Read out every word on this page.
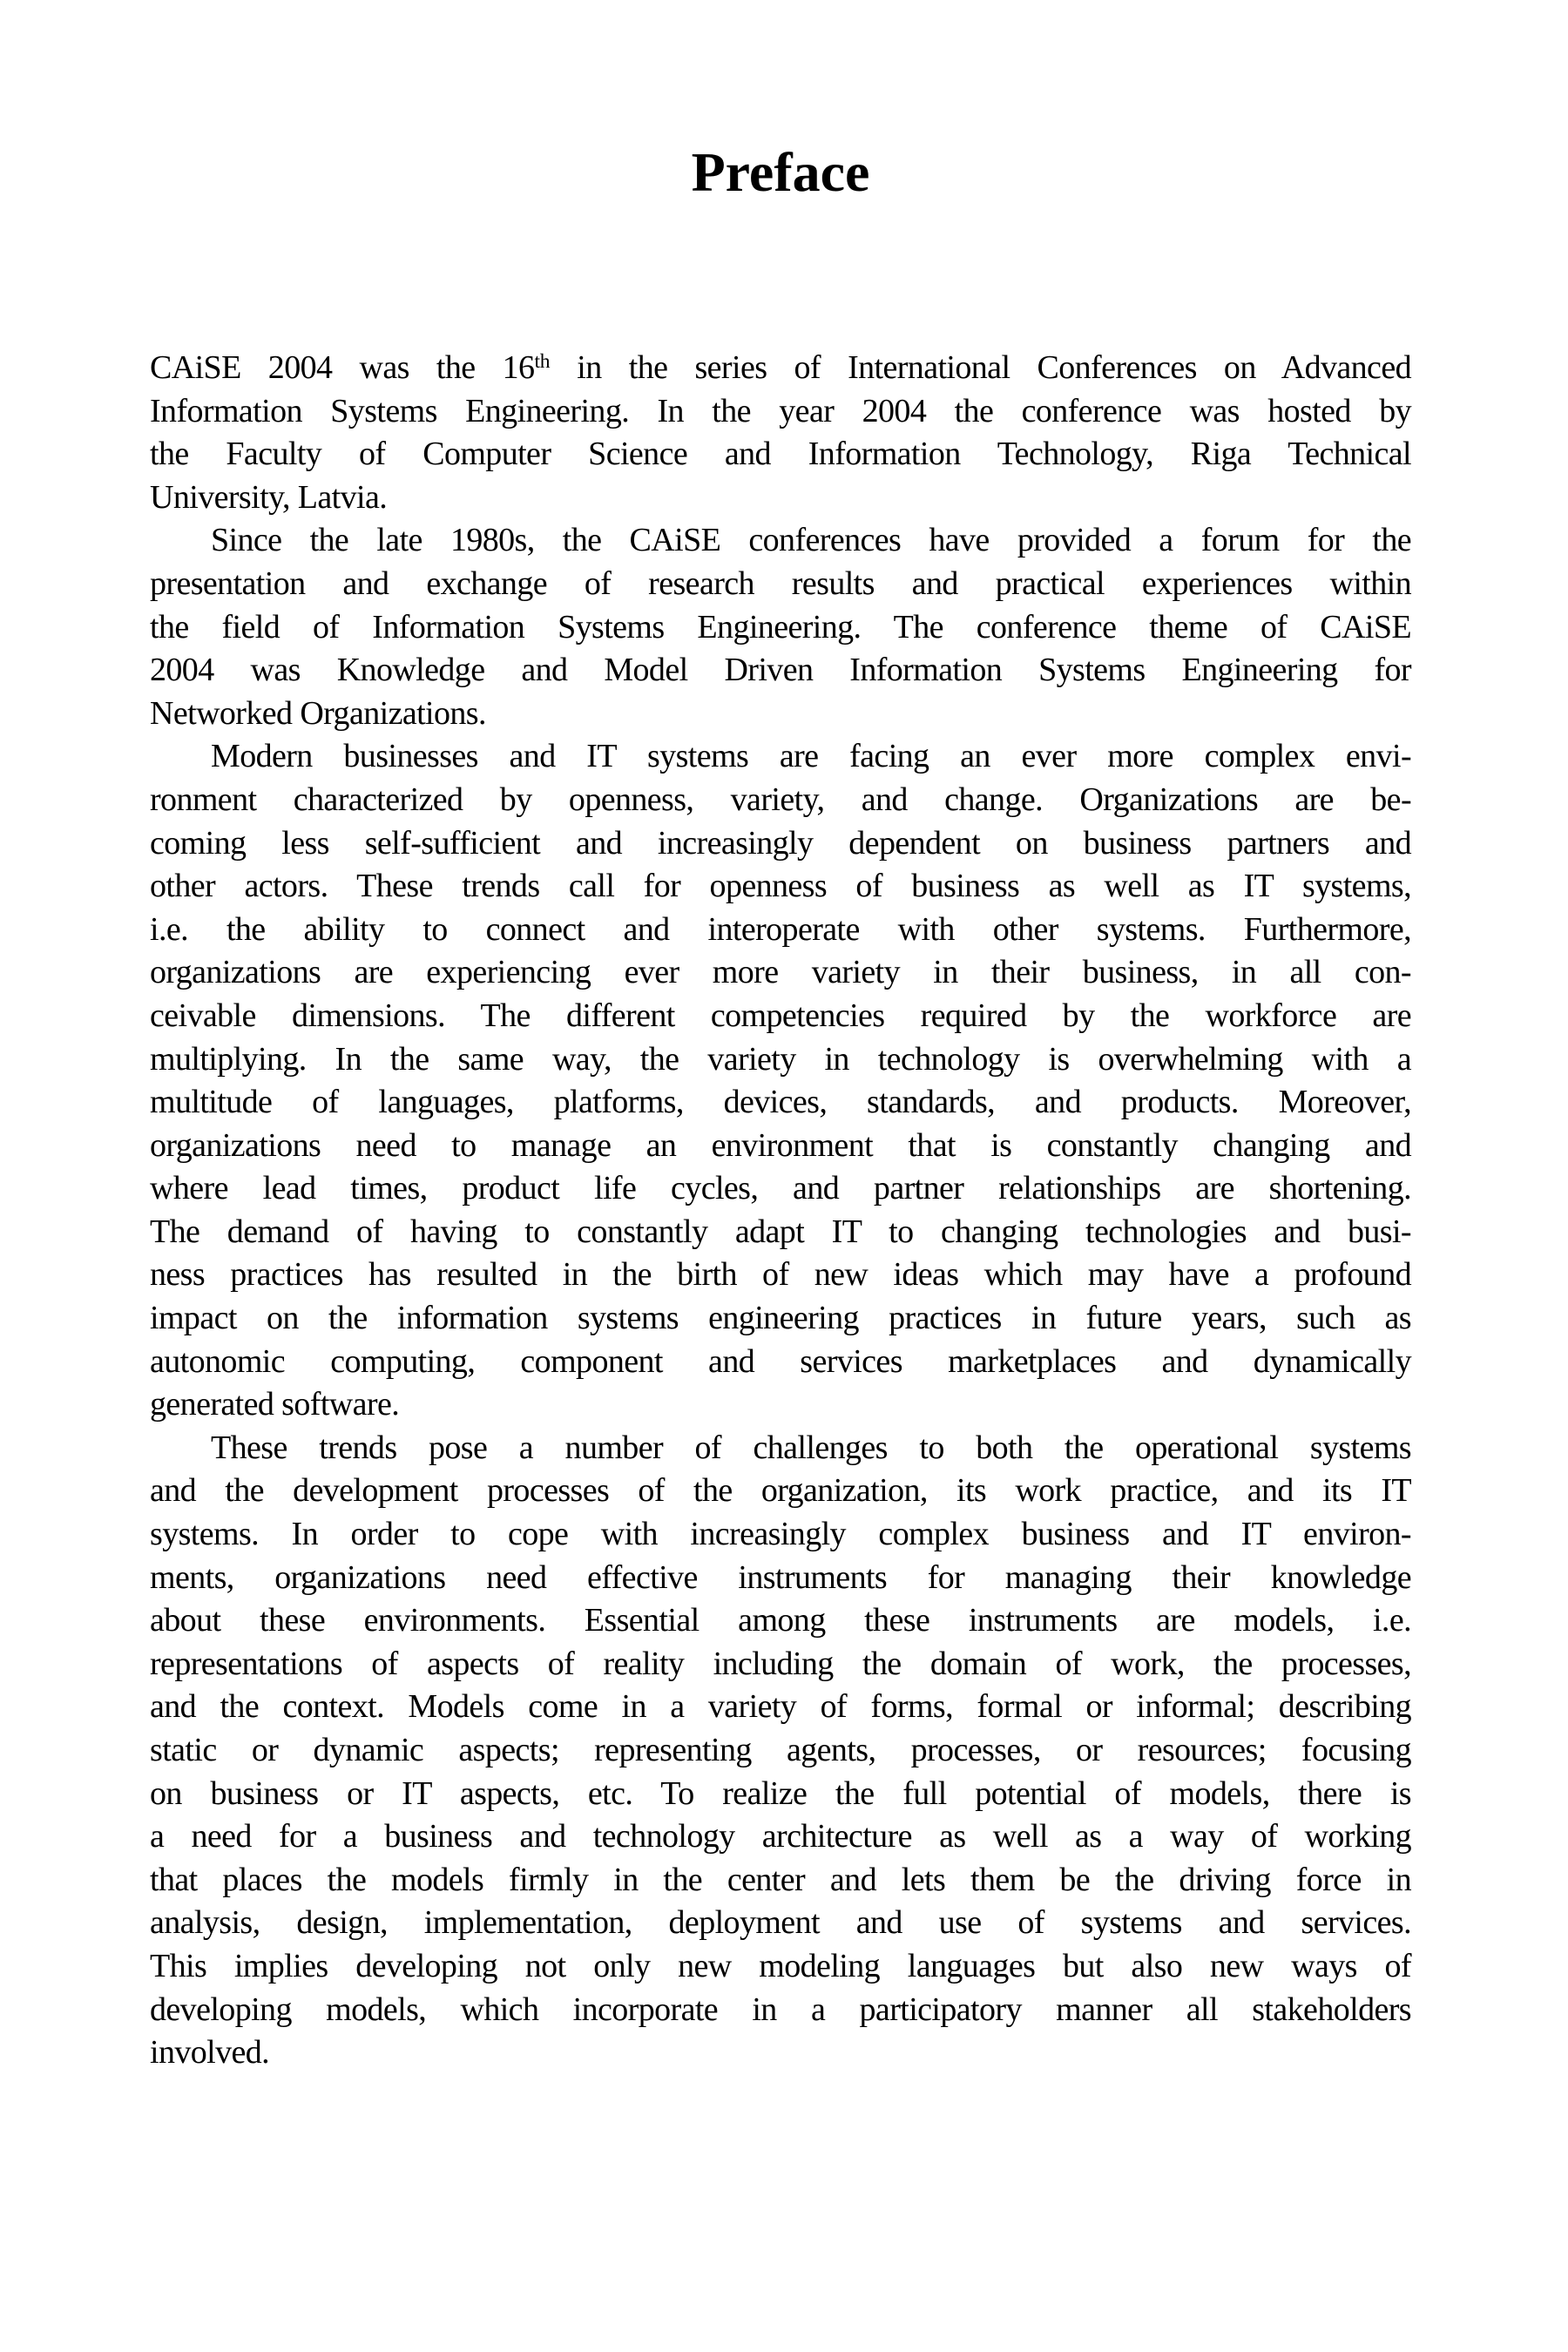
Preface
CAiSE 2004 was the 16th in the series of International Conferences on Advanced
Information Systems Engineering. In the year 2004 the conference was hosted by
the Faculty of Computer Science and Information Technology, Riga Technical
University, Latvia.
Since the late 1980s, the CAiSE conferences have provided a forum for the
presentation and exchange of research results and practical experiences within
the field of Information Systems Engineering. The conference theme of CAiSE
2004 was Knowledge and Model Driven Information Systems Engineering for
Networked Organizations.
Modern businesses and IT systems are facing an ever more complex envi-
ronment characterized by openness, variety, and change. Organizations are be-
coming less self-sufficient and increasingly dependent on business partners and
other actors. These trends call for openness of business as well as IT systems,
i.e. the ability to connect and interoperate with other systems. Furthermore,
organizations are experiencing ever more variety in their business, in all con-
ceivable dimensions. The different competencies required by the workforce are
multiplying. In the same way, the variety in technology is overwhelming with a
multitude of languages, platforms, devices, standards, and products. Moreover,
organizations need to manage an environment that is constantly changing and
where lead times, product life cycles, and partner relationships are shortening.
The demand of having to constantly adapt IT to changing technologies and busi-
ness practices has resulted in the birth of new ideas which may have a profound
impact on the information systems engineering practices in future years, such as
autonomic computing, component and services marketplaces and dynamically
generated software.
These trends pose a number of challenges to both the operational systems
and the development processes of the organization, its work practice, and its IT
systems. In order to cope with increasingly complex business and IT environ-
ments, organizations need effective instruments for managing their knowledge
about these environments. Essential among these instruments are models, i.e.
representations of aspects of reality including the domain of work, the processes,
and the context. Models come in a variety of forms, formal or informal; describing
static or dynamic aspects; representing agents, processes, or resources; focusing
on business or IT aspects, etc. To realize the full potential of models, there is
a need for a business and technology architecture as well as a way of working
that places the models firmly in the center and lets them be the driving force in
analysis, design, implementation, deployment and use of systems and services.
This implies developing not only new modeling languages but also new ways of
developing models, which incorporate in a participatory manner all stakeholders
involved.
